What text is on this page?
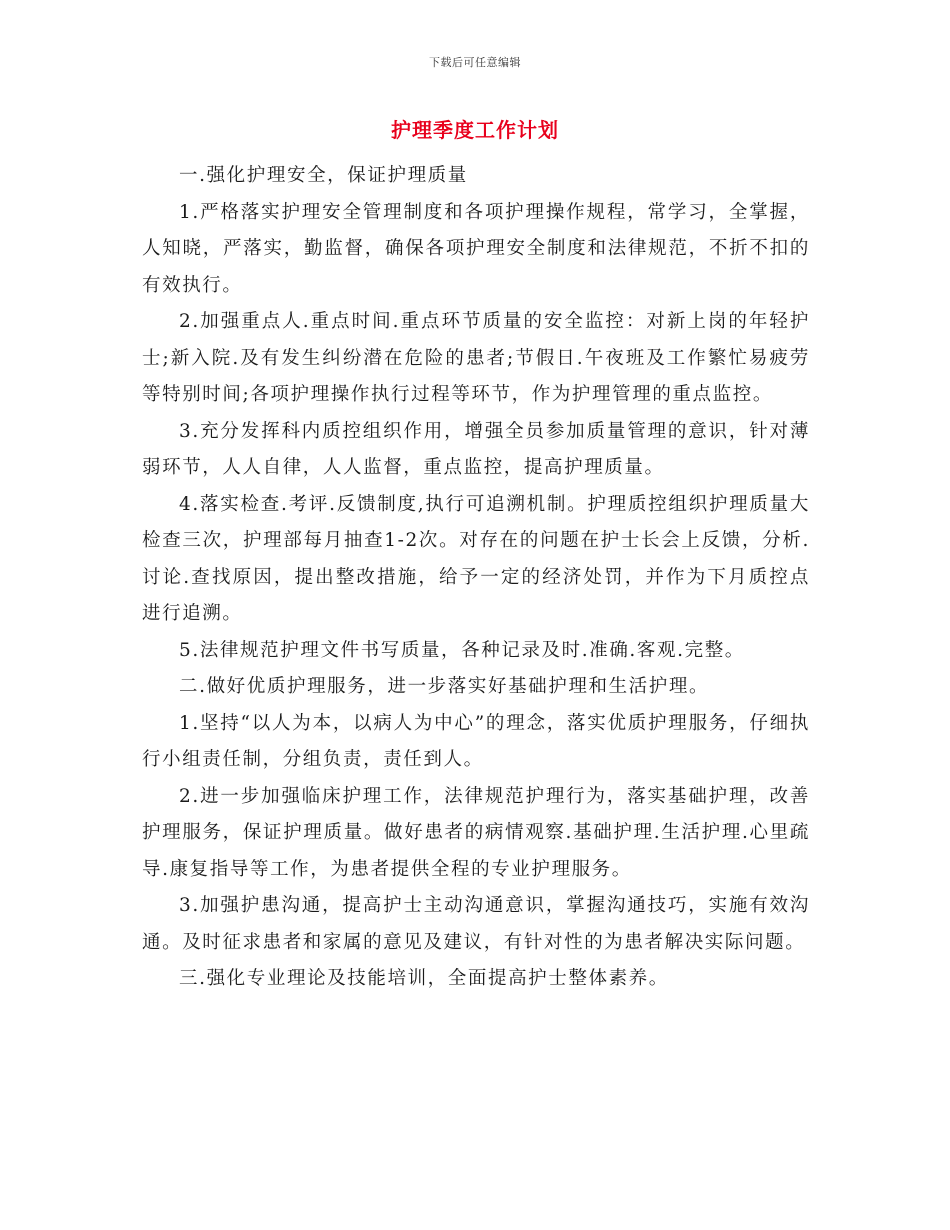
下载后可任意编辑
护理季度工作计划

一.强化护理安全，保证护理质量

1.严格落实护理安全管理制度和各项护理操作规程，常学习，全掌握，人知晓，严落实，勤监督，确保各项护理安全制度和法律规范，不折不扣的有效执行。

2.加强重点人.重点时间.重点环节质量的安全监控：对新上岗的年轻护士;新入院.及有发生纠纷潜在危险的患者;节假日.午夜班及工作繁忙易疲劳等特别时间;各项护理操作执行过程等环节，作为护理管理的重点监控。

3.充分发挥科内质控组织作用，增强全员参加质量管理的意识，针对薄弱环节，人人自律，人人监督，重点监控，提高护理质量。

4.落实检查.考评.反馈制度,执行可追溯机制。护理质控组织护理质量大检查三次，护理部每月抽查1-2次。对存在的问题在护士长会上反馈，分析.讨论.查找原因，提出整改措施，给予一定的经济处罚，并作为下月质控点进行追溯。

5.法律规范护理文件书写质量，各种记录及时.准确.客观.完整。

二.做好优质护理服务，进一步落实好基础护理和生活护理。

1.坚持“以人为本，以病人为中心”的理念，落实优质护理服务，仔细执行小组责任制，分组负责，责任到人。

2.进一步加强临床护理工作，法律规范护理行为，落实基础护理，改善护理服务，保证护理质量。做好患者的病情观察.基础护理.生活护理.心里疏导.康复指导等工作，为患者提供全程的专业护理服务。

3.加强护患沟通，提高护士主动沟通意识，掌握沟通技巧，实施有效沟通。及时征求患者和家属的意见及建议，有针对性的为患者解决实际问题。

三.强化专业理论及技能培训，全面提高护士整体素养。
